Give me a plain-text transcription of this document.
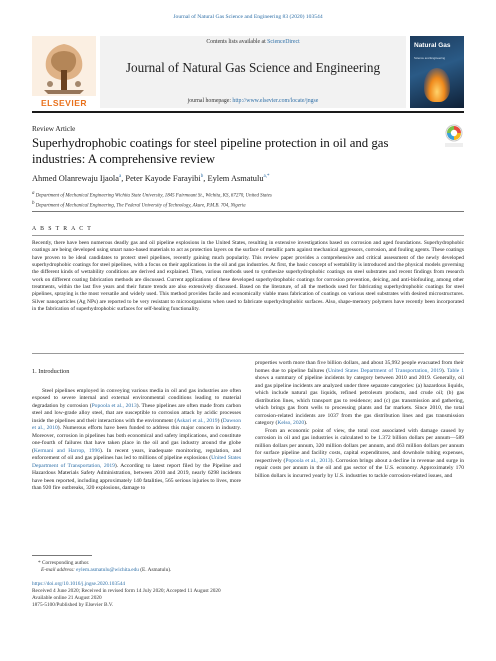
Journal of Natural Gas Science and Engineering 83 (2020) 103544
ELSEVIER
Contents lists available at ScienceDirect
Journal of Natural Gas Science and Engineering
journal homepage: http://www.elsevier.com/locate/jngse
Natural Gas
Science and Engineering
Review Article
Superhydrophobic coatings for steel pipeline protection in oil and gas industries: A comprehensive review
Ahmed Olanrewaju Ijaola$^a$, Peter Kayode Farayibi$^b$, Eylem Asmatulu$^{a,*}$
$^a$ Department of Mechanical Engineering Wichita State University, 1845 Fairmount St., Wichita, KS, 67270, United States
$^b$ Department of Mechanical Engineering, The Federal University of Technology, Akure, P.M.B. 704, Nigeria
A B S T R A C T
Recently, there have been numerous deadly gas and oil pipeline explosions in the United States, resulting in extensive investigations based on corrosion and aged foundations. Superhydrophobic coatings are being developed using smart nano-based materials to act as protection layers on the surface of metallic parts against mechanical aggressors, corrosion, and fouling agents. These coatings have proven to be ideal candidates to protect steel pipelines, recently gaining much popularity. This review paper provides a comprehensive and critical assessment of the newly developed superhydrophobic coatings for steel pipelines, with a focus on their applications in the oil and gas industries. At first, the basic concept of wettability is introduced and the physical models governing the different kinds of wettability conditions are derived and explained. Then, various methods used to synthesize superhydrophobic coatings on steel substrates and recent findings from research work on different coating fabrication methods are discussed. Current applications of these developed superhydrophobic coatings for corrosion prevention, deicing, and anti-biofouling, among other treatments, within the last five years and their future trends are also extensively discussed. Based on the literature, of all the methods used for fabricating superhydrophobic coatings for steel pipelines, spraying is the most versatile and widely used. This method provides facile and economically viable mass fabrication of coatings on various steel substrates with desired microstructures. Silver nanoparticles (Ag NPs) are reported to be very resistant to microorganisms when used to fabricate superhydrophobic surfaces. Also, shape-memory polymers have recently been incorporated in the fabrication of superhydrophobic surfaces for self-healing functionality.
1. Introduction

Steel pipelines employed in conveying various media in oil and gas industries are often exposed to severe internal and external environmental conditions leading to material degradation by corrosion (Popoola et al., 2013). These pipelines are often made from carbon steel and low-grade alloy steel, that are susceptible to corrosion attack by acidic processes inside the pipelines and their interactions with the environment (Askari et al., 2019) (Dawson et al., 2010). Numerous efforts have been funded to address this major concern in industry. Moreover, corrosion in pipelines has both economical and safety implications, and constitute one-fourth of failures that have taken place in the oil and gas industry around the globe (Kermani and Harrop, 1996). In recent years, inadequate monitoring, regulation, and enforcement of oil and gas pipelines has led to millions of pipeline explosions (United States Department of Transportation, 2019). According to latest report filed by the Pipeline and Hazardous Materials Safety Administration, between 2010 and 2019, nearly 6298 incidents have been reported, including approximately 140 fatalities, 565 serious injuries to lives, more than 920 fire outbreaks, 320 explosions, damage to

properties worth more than five billion dollars, and about 35,992 people evacuated from their homes due to pipeline failures (United States Department of Transportation, 2019). Table 1 shows a summary of pipeline incidents by category between 2010 and 2019. Generally, oil and gas pipeline incidents are analyzed under three separate categories: (a) hazardous liquids, which include natural gas liquids, refined petroleum products, and crude oil; (b) gas distribution lines, which transport gas to residence; and (c) gas transmission and gathering, which brings gas from wells to processing plants and far markets. Since 2010, the total corrosion-related incidents are 1037 from the gas distribution lines and gas transmission category (Kelso, 2020).

From an economic point of view, the total cost associated with damage caused by corrosion in oil and gas industries is calculated to be 1.372 billion dollars per annum—589 million dollars per annum, 320 million dollars per annum, and 463 million dollars per annum for surface pipeline and facility costs, capital expenditures, and downhole tubing expenses, respectively (Popoola et al., 2013). Corrosion brings about a decline in revenue and surge in repair costs per annum in the oil and gas sector of the U.S. economy. Approximately 170 billion dollars is incurred yearly by U.S. industries to tackle corrosion-related issues, and

* Corresponding author.
E-mail address: eylem.asmatulu@wichita.edu (E. Asmatulu).
https://doi.org/10.1016/j.jngse.2020.103544
Received 4 June 2020; Received in revised form 14 July 2020; Accepted 11 August 2020
Available online 21 August 2020
1875-5100/Published by Elsevier B.V.
